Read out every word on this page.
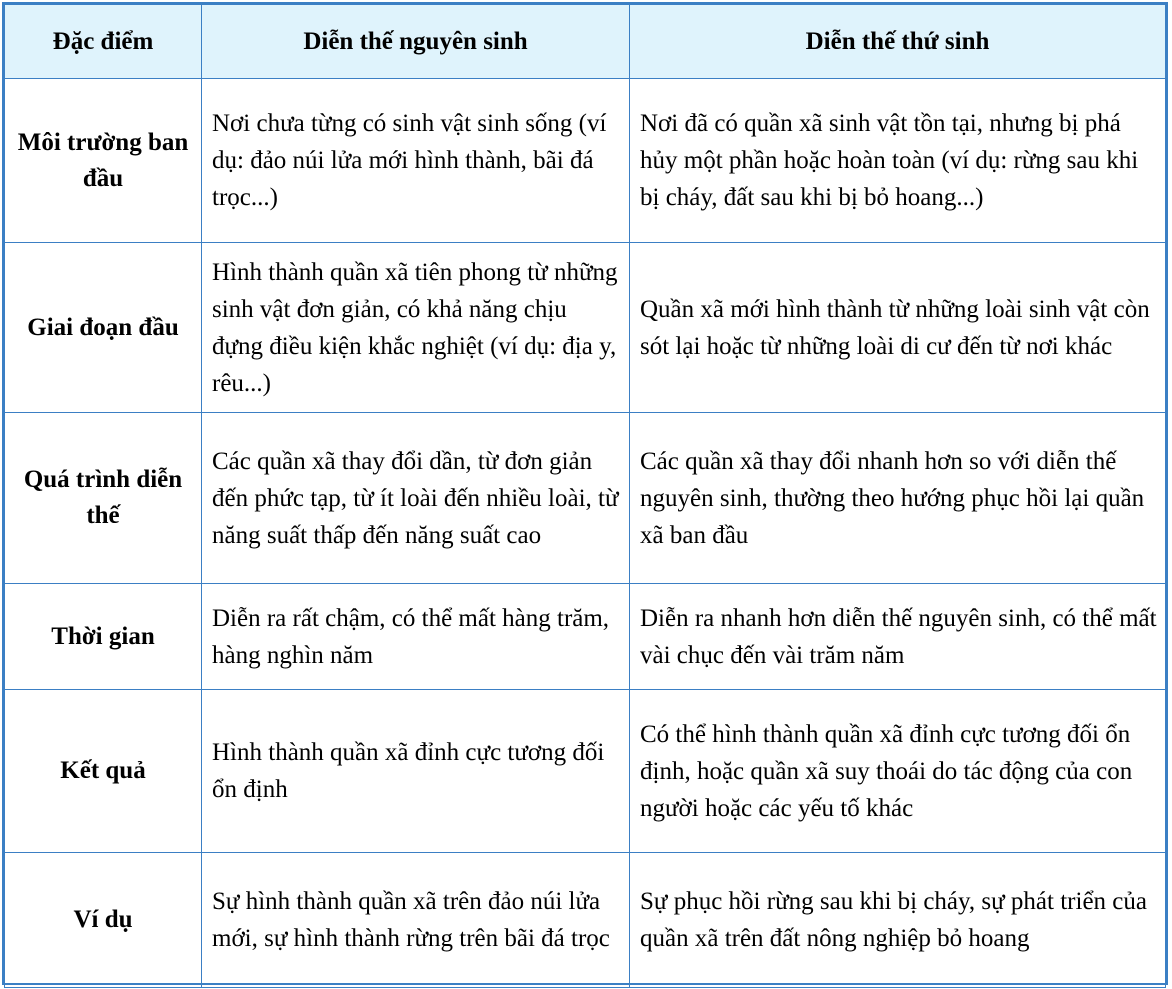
Đặc điểm	Diễn thế nguyên sinh	Diễn thế thứ sinh
Môi trường ban đầu	Nơi chưa từng có sinh vật sinh sống (ví dụ: đảo núi lửa mới hình thành, bãi đá trọc...)	Nơi đã có quần xã sinh vật tồn tại, nhưng bị phá hủy một phần hoặc hoàn toàn (ví dụ: rừng sau khi bị cháy, đất sau khi bị bỏ hoang...)
Giai đoạn đầu	Hình thành quần xã tiên phong từ những sinh vật đơn giản, có khả năng chịu đựng điều kiện khắc nghiệt (ví dụ: địa y, rêu...)	Quần xã mới hình thành từ những loài sinh vật còn sót lại hoặc từ những loài di cư đến từ nơi khác
Quá trình diễn thế	Các quần xã thay đổi dần, từ đơn giản đến phức tạp, từ ít loài đến nhiều loài, từ năng suất thấp đến năng suất cao	Các quần xã thay đổi nhanh hơn so với diễn thế nguyên sinh, thường theo hướng phục hồi lại quần xã ban đầu
Thời gian	Diễn ra rất chậm, có thể mất hàng trăm, hàng nghìn năm	Diễn ra nhanh hơn diễn thế nguyên sinh, có thể mất vài chục đến vài trăm năm
Kết quả	Hình thành quần xã đỉnh cực tương đối ổn định	Có thể hình thành quần xã đỉnh cực tương đối ổn định, hoặc quần xã suy thoái do tác động của con người hoặc các yếu tố khác
Ví dụ	Sự hình thành quần xã trên đảo núi lửa mới, sự hình thành rừng trên bãi đá trọc	Sự phục hồi rừng sau khi bị cháy, sự phát triển của quần xã trên đất nông nghiệp bỏ hoang
